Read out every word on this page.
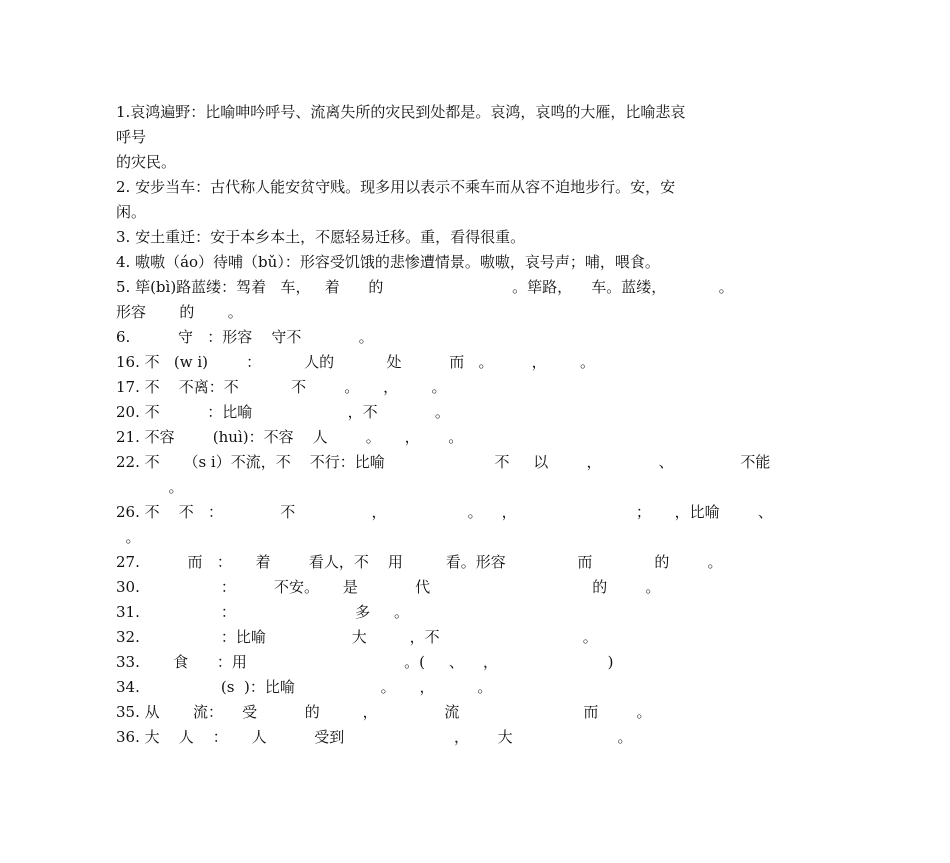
1.哀鸿遍野：比喻呻吟呼号、流离失所的灾民到处都是。哀鸿，哀鸣的大雁，比喻悲哀
呼号
的灾民。
2. 安步当车：古代称人能安贫守贱。现多用以表示不乘车而从容不迫地步行。安，安
闲。
3. 安土重迁：安于本乡本土，不愿轻易迁移。重，看得很重。
4. 嗷嗷（áo）待哺（bǔ）：形容受饥饿的悲惨遭情景。嗷嗷，哀号声；哺，喂食。
5. 筚(bì)路蓝缕：驾着   车，   着      的                           。筚路，    车。蓝缕，           。
形容       的       。
6.          守   ：形容    守不            。
16. 不   (w i)        ：         人的           处          而   。        ，       。
17. 不    不离：不           不        。     ，       。
20. 不          ：比喻                    ，不            。
21. 不容        (huì)：不容    人        。     ，      。
22. 不     （s i）不流，不    不行：比喻                       不     以        ，            、              不能
。
26. 不    不   ：            不                ，                 。    ，                         ；     ，比喻        、
。
27.          而   ：     着        看人，不    用         看。形容               而             的        。
30.                 ：        不安。     是            代                                  的        。
31.                 ：                         多     。
32.                 ：比喻                  大         ，不                              。
33.       食      ：用                                 。(     、    ，                       )
34.                 (s  )：比喻                  。     ，         。
35. 从       流：    受          的         ，              流                          而        。
36. 大    人    ：     人          受到                       ，      大                      。
